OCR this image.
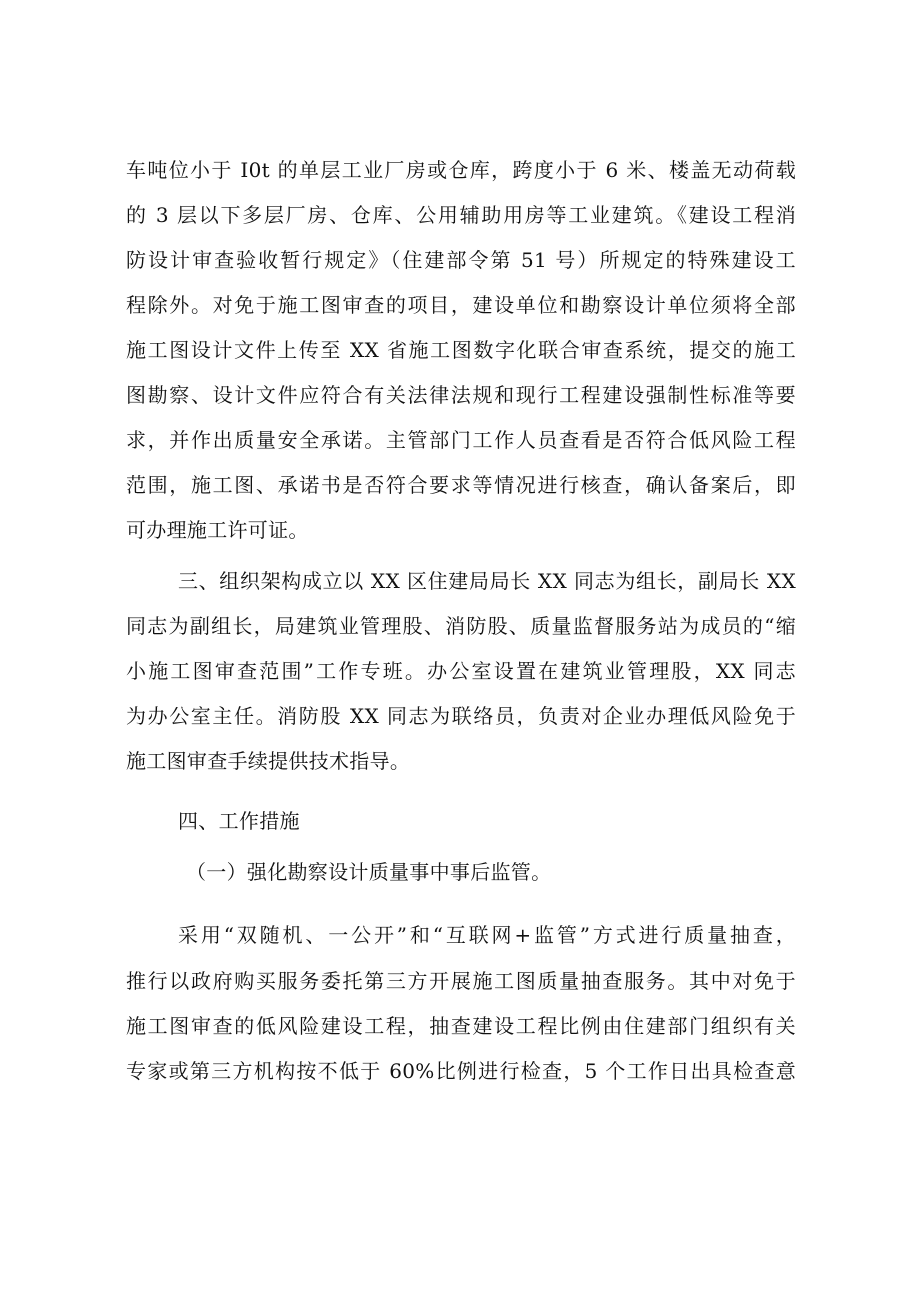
车吨位小于 I0t 的单层工业厂房或仓库，跨度小于 6 米、楼盖无动荷载
的 3 层以下多层厂房、仓库、公用辅助用房等工业建筑。《建设工程消
防设计审查验收暂行规定》（住建部令第 51 号）所规定的特殊建设工
程除外。对免于施工图审查的项目，建设单位和勘察设计单位须将全部
施工图设计文件上传至 XX 省施工图数字化联合审查系统，提交的施工
图勘察、设计文件应符合有关法律法规和现行工程建设强制性标准等要
求，并作出质量安全承诺。主管部门工作人员查看是否符合低风险工程
范围，施工图、承诺书是否符合要求等情况进行核查，确认备案后，即
可办理施工许可证。
三、组织架构成立以 XX 区住建局局长 XX 同志为组长，副局长 XX
同志为副组长，局建筑业管理股、消防股、质量监督服务站为成员的“缩
小施工图审查范围”工作专班。办公室设置在建筑业管理股，XX 同志
为办公室主任。消防股 XX 同志为联络员，负责对企业办理低风险免于
施工图审查手续提供技术指导。
四、工作措施
（一）强化勘察设计质量事中事后监管。
采用“双随机、一公开”和“互联网+监管”方式进行质量抽查，
推行以政府购买服务委托第三方开展施工图质量抽查服务。其中对免于
施工图审查的低风险建设工程，抽查建设工程比例由住建部门组织有关
专家或第三方机构按不低于 60%比例进行检查，5 个工作日出具检查意
